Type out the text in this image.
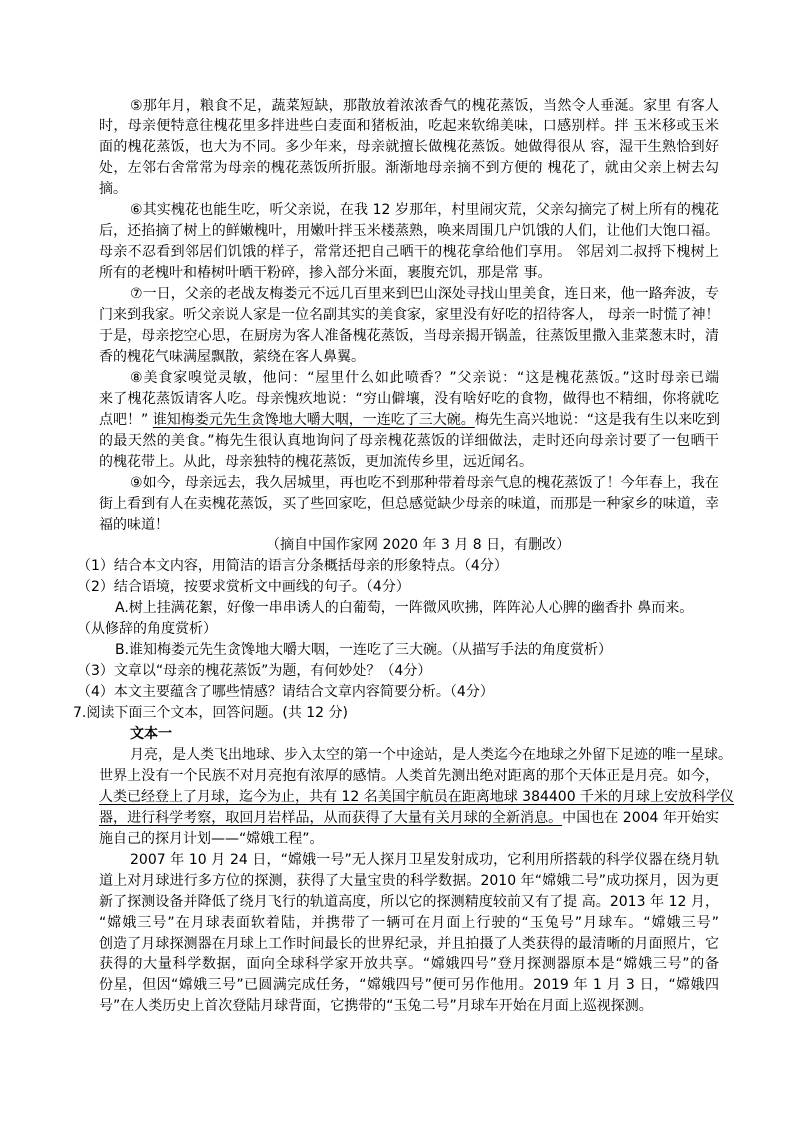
⑤那年月，粮食不足，蔬菜短缺，那散放着浓浓香气的槐花蒸饭，当然令人垂涎。家里 有客人
时，母亲便特意往槐花里多拌进些白麦面和猪板油，吃起来软绵美味，口感别样。拌 玉米移或玉米
面的槐花蒸饭，也大为不同。多少年来，母亲就擅长做槐花蒸饭。她做得很从 容，湿干生熟恰到好
处，左邻右舍常常为母亲的槐花蒸饭所折服。渐渐地母亲摘不到方便的 槐花了，就由父亲上树去勾
摘。
⑥其实槐花也能生吃，听父亲说，在我 12 岁那年，村里闹灾荒，父亲勾摘完了树上所有的槐花
后，还掐摘了树上的鲜嫩槐叶，用嫩叶拌玉米楼蒸熟，唤来周围几户饥饿的人们，让他们大饱口福。
母亲不忍看到邻居们饥饿的样子，常常还把自己晒干的槐花拿给他们享用。 邻居刘二叔捋下槐树上
所有的老槐叶和椿树叶晒干粉碎，掺入部分米面，裹腹充饥，那是常 事。
⑦一日，父亲的老战友梅娄元不远几百里来到巴山深处寻找山里美食，连日来，他一路奔波，专
门来到我家。听父亲说人家是一位名副其实的美食家，家里没有好吃的招待客人， 母亲一时慌了神！
于是，母亲挖空心思，在厨房为客人准备槐花蒸饭，当母亲揭开锅盖，往蒸饭里撒入韭菜葱末时，清
香的槐花气味满屋飘散，萦绕在客人鼻翼。
⑧美食家嗅觉灵敏，他问：“屋里什么如此喷香？”父亲说：“这是槐花蒸饭。”这时母亲已端
来了槐花蒸饭请客人吃。母亲愧疚地说：“穷山僻壤，没有啥好吃的食物，做得也不精细，你将就吃
点吧！” 谁知梅娄元先生贪馋地大嚼大咽，一连吃了三大碗。梅先生高兴地说：“这是我有生以来吃到
的最天然的美食。”梅先生很认真地询问了母亲槐花蒸饭的详细做法，走时还向母亲讨要了一包晒干
的槐花带上。从此，母亲独特的槐花蒸饭，更加流传乡里，远近闻名。
⑨如今，母亲远去，我久居城里，再也吃不到那种带着母亲气息的槐花蒸饭了！今年春上，我在
街上看到有人在卖槐花蒸饭，买了些回家吃，但总感觉缺少母亲的味道，而那是一种家乡的味道，幸
福的味道！
（摘自中国作家网 2020 年 3 月 8 日，有删改）
（1）结合本文内容，用简洁的语言分条概括母亲的形象特点。（4分）
（2）结合语境，按要求赏析文中画线的句子。（4分）
A.树上挂满花絮，好像一串串诱人的白葡萄，一阵微风吹拂，阵阵沁人心脾的幽香扑 鼻而来。
（从修辞的角度赏析）
B.谁知梅娄元先生贪馋地大嚼大咽，一连吃了三大碗。（从描写手法的角度赏析）
（3）文章以“母亲的槐花蒸饭”为题，有何妙处？（4分）
（4）本文主要蕴含了哪些情感？请结合文章内容简要分析。（4分）
7.阅读下面三个文本，回答问题。(共 12 分)
文本一
月亮，是人类飞出地球、步入太空的第一个中途站，是人类迄今在地球之外留下足迹的唯一星球。
世界上没有一个民族不对月亮抱有浓厚的感情。人类首先测出绝对距离的那个天体正是月亮。如今，
人类已经登上了月球，迄今为止，共有 12 名美国宇航员在距离地球 384400 千米的月球上安放科学仪
器，进行科学考察，取回月岩样品，从而获得了大量有关月球的全新消息。中国也在 2004 年开始实
施自己的探月计划——“嫦娥工程”。
2007 年 10 月 24 日，“嫦娥一号”无人探月卫星发射成功，它利用所搭载的科学仪器在绕月轨
道上对月球进行多方位的探测，获得了大量宝贵的科学数据。2010 年“嫦娥二号”成功探月，因为更
新了探测设备并降低了绕月飞行的轨道高度，所以它的探测精度较前又有了提 高。2013 年 12 月，
“嫦娥三号”在月球表面软着陆，并携带了一辆可在月面上行驶的“玉兔号”月球车。“嫦娥三号”
创造了月球探测器在月球上工作时间最长的世界纪录，并且拍摄了人类获得的最清晰的月面照片，它
获得的大量科学数据，面向全球科学家开放共享。“嫦娥四号”登月探测器原本是“嫦娥三号”的备
份星，但因“嫦娥三号”已圆满完成任务，“嫦娥四号”便可另作他用。2019 年 1 月 3 日，“嫦娥四
号”在人类历史上首次登陆月球背面，它携带的“玉兔二号”月球车开始在月面上巡视探测。
